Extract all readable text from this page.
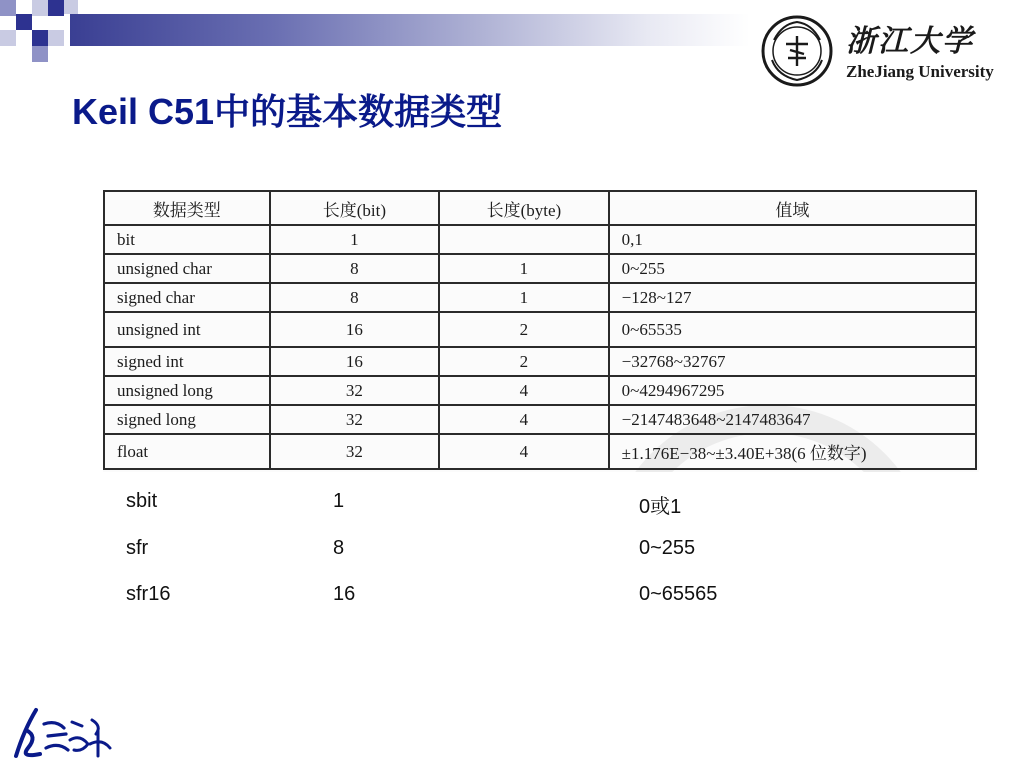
浙江大学
ZheJiang University
Keil C51中的基本数据类型
数据类型	长度(bit)	长度(byte)	值域
bit	1		0,1
unsigned char	8	1	0~255
signed char	8	1	−128~127
unsigned int	16	2	0~65535
signed int	16	2	−32768~32767
unsigned long	32	4	0~4294967295
signed long	32	4	−2147483648~2147483647
float	32	4	±1.176E−38~±3.40E+38(6 位数字)
sbit	1	0或1
sfr	8	0~255
sfr16	16	0~65565
